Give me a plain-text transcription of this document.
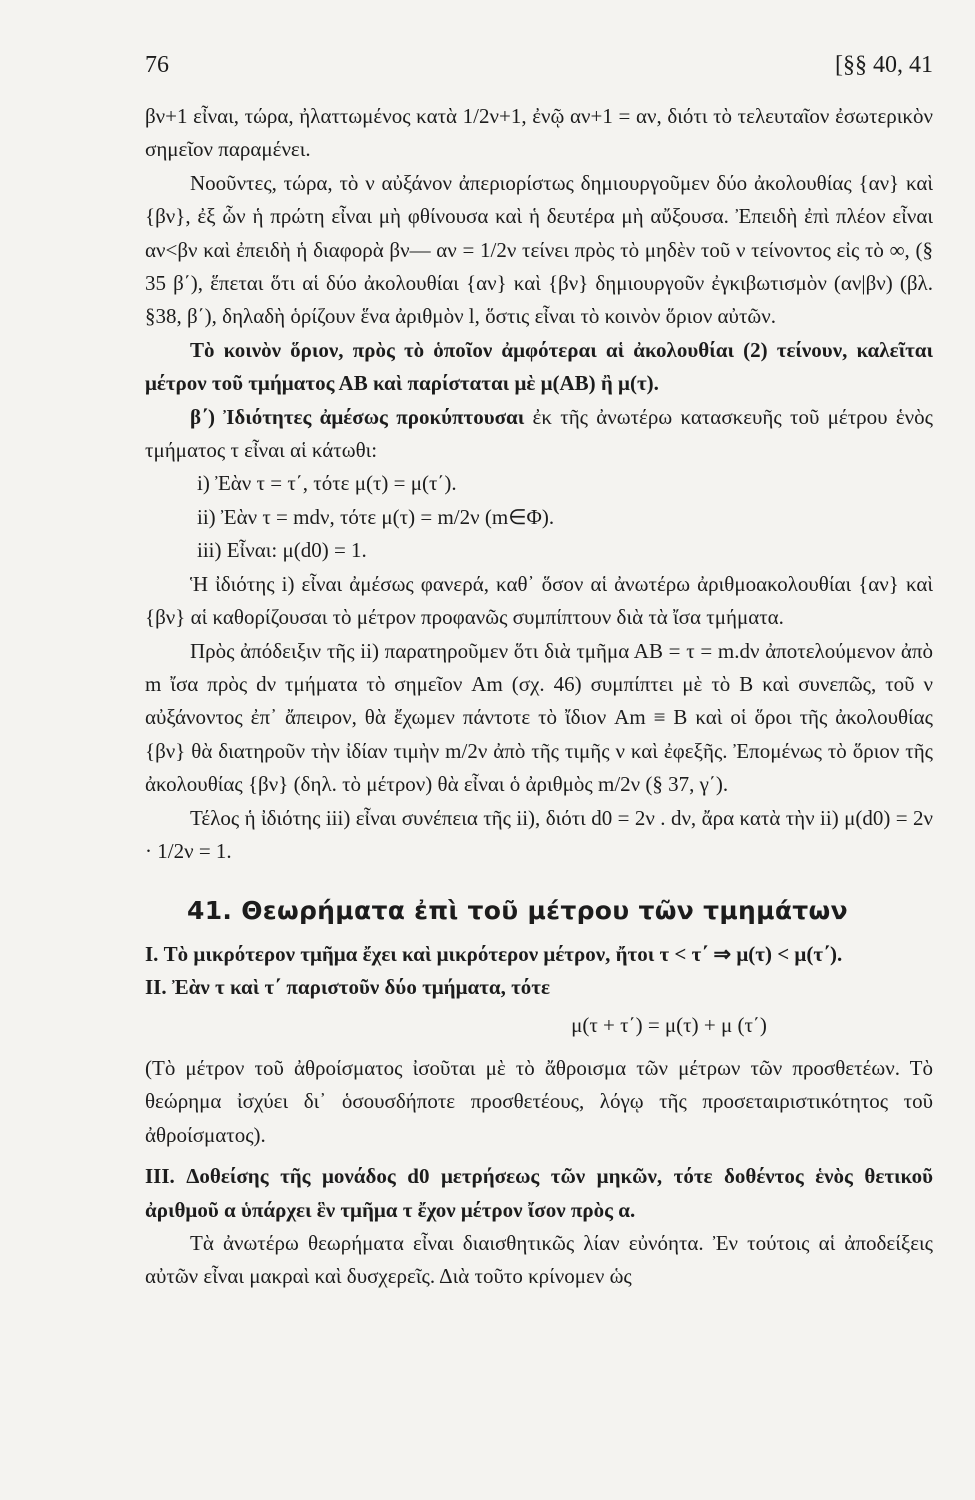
76	[§§ 40, 41

βν+1 εἶναι, τώρα, ἠλαττωμένος κατὰ 1/2ν+1, ἐνῷ αν+1 = αν, διότι τὸ τελευταῖον ἐσωτερικὸν σημεῖον παραμένει.

Νοοῦντες, τώρα, τὸ ν αὐξάνον ἀπεριορίστως δημιουργοῦμεν δύο ἀκολουθίας {αν} καὶ {βν}, ἐξ ὧν ἡ πρώτη εἶναι μὴ φθίνουσα καὶ ἡ δευτέρα μὴ αὔξουσα. Ἐπειδὴ ἐπὶ πλέον εἶναι αν<βν καὶ ἐπειδὴ ἡ διαφορὰ βν— αν = 1/2ν τείνει πρὸς τὸ μηδὲν τοῦ ν τείνοντος εἰς τὸ ∞, (§ 35 β΄), ἕπεται ὅτι αἱ δύο ἀκολουθίαι {αν} καὶ {βν} δημιουργοῦν ἐγκιβωτισμὸν (αν|βν) (βλ. §38, β΄), δηλαδὴ ὁρίζουν ἕνα ἀριθμὸν l, ὅστις εἶναι τὸ κοινὸν ὅριον αὐτῶν.

Τὸ κοινὸν ὅριον, πρὸς τὸ ὁποῖον ἀμφότεραι αἱ ἀκολουθίαι (2) τείνουν, καλεῖται μέτρον τοῦ τμήματος ΑΒ καὶ παρίσταται μὲ μ(ΑΒ) ἢ μ(τ).

β΄) Ἰδιότητες ἀμέσως προκύπτουσαι ἐκ τῆς ἀνωτέρω κατασκευῆς τοῦ μέτρου ἑνὸς τμήματος τ εἶναι αἱ κάτωθι:

i) Ἐὰν τ = τ΄, τότε μ(τ) = μ(τ΄).

ii) Ἐὰν τ = mdν, τότε μ(τ) = m/2ν (m∈Φ).

iii) Εἶναι: μ(d0) = 1.

Ἡ ἰδιότης i) εἶναι ἀμέσως φανερά, καθ᾽ ὅσον αἱ ἀνωτέρω ἀριθμοακολουθίαι {αν} καὶ {βν} αἱ καθορίζουσαι τὸ μέτρον προφανῶς συμπίπτουν διὰ τὰ ἴσα τμήματα.

Πρὸς ἀπόδειξιν τῆς ii) παρατηροῦμεν ὅτι διὰ τμῆμα ΑΒ = τ = m.dν ἀποτελούμενον ἀπὸ m ἴσα πρὸς dν τμήματα τὸ σημεῖον Am (σχ. 46) συμπίπτει μὲ τὸ Β καὶ συνεπῶς, τοῦ ν αὐξάνοντος ἐπ᾽ ἄπειρον, θὰ ἔχωμεν πάντοτε τὸ ἴδιον Am ≡ Β καὶ οἱ ὅροι τῆς ἀκολουθίας {βν} θὰ διατηροῦν τὴν ἰδίαν τιμὴν m/2ν ἀπὸ τῆς τιμῆς ν καὶ ἐφεξῆς. Ἐπομένως τὸ ὅριον τῆς ἀκολουθίας {βν} (δηλ. τὸ μέτρον) θὰ εἶναι ὁ ἀριθμὸς m/2ν (§ 37, γ΄).

Τέλος ἡ ἰδιότης iii) εἶναι συνέπεια τῆς ii), διότι d0 = 2ν . dν, ἄρα κατὰ τὴν ii) μ(d0) = 2ν · 1/2ν = 1.

41. Θεωρήματα ἐπὶ τοῦ μέτρου τῶν τμημάτων

I. Τὸ μικρότερον τμῆμα ἔχει καὶ μικρότερον μέτρον, ἤτοι τ < τ΄ ⇒ μ(τ) < μ(τ΄).

II. Ἐὰν τ καὶ τ΄ παριστοῦν δύο τμήματα, τότε

μ(τ + τ΄) = μ(τ) + μ (τ΄)

(Τὸ μέτρον τοῦ ἀθροίσματος ἰσοῦται μὲ τὸ ἄθροισμα τῶν μέτρων τῶν προσθετέων. Τὸ θεώρημα ἰσχύει δι᾽ ὁσουσδήποτε προσθετέους, λόγῳ τῆς προσεταιριστικότητος τοῦ ἀθροίσματος).

III. Δοθείσης τῆς μονάδος d0 μετρήσεως τῶν μηκῶν, τότε δοθέντος ἑνὸς θετικοῦ ἀριθμοῦ α ὑπάρχει ἓν τμῆμα τ ἔχον μέτρον ἴσον πρὸς α.

Τὰ ἀνωτέρω θεωρήματα εἶναι διαισθητικῶς λίαν εὐνόητα. Ἐν τούτοις αἱ ἀποδείξεις αὐτῶν εἶναι μακραὶ καὶ δυσχερεῖς. Διὰ τοῦτο κρίνομεν ὡς
